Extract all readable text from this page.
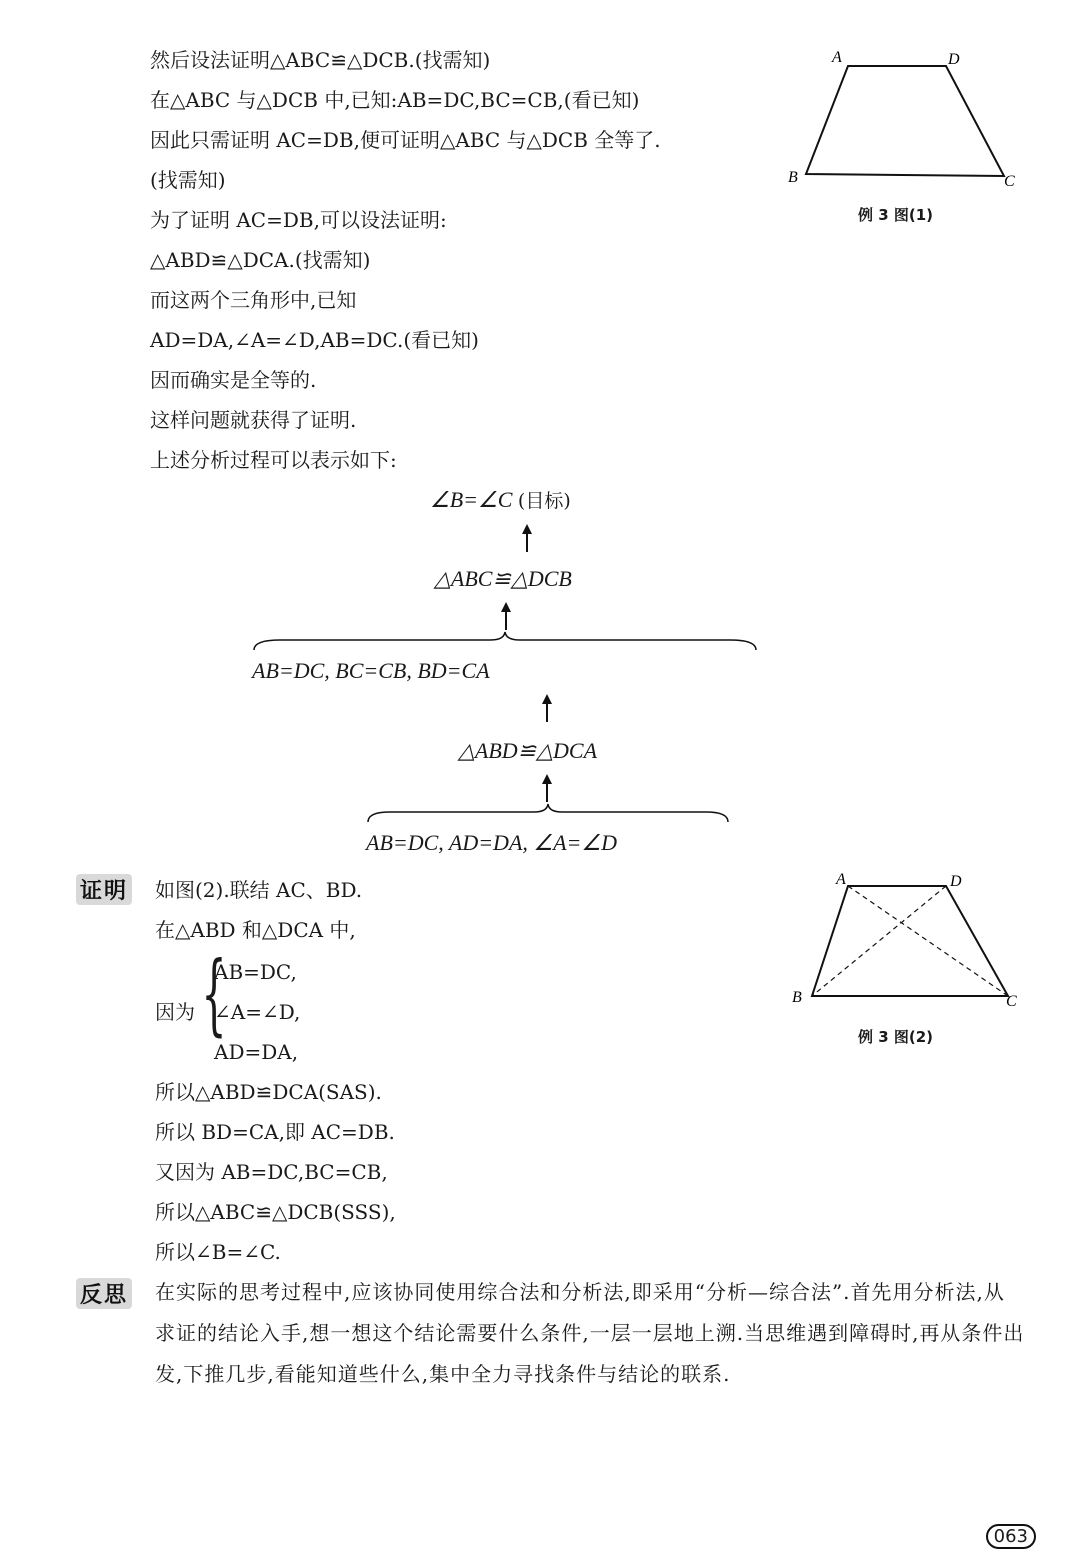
然后设法证明△ABC≌△DCB.(找需知)
在△ABC 与△DCB 中,已知:AB=DC,BC=CB,(看已知)
因此只需证明 AC=DB,便可证明△ABC 与△DCB 全等了.
(找需知)
为了证明 AC=DB,可以设法证明:
△ABD≌△DCA.(找需知)
而这两个三角形中,已知
AD=DA,∠A=∠D,AB=DC.(看已知)
因而确实是全等的.
这样问题就获得了证明.
上述分析过程可以表示如下:
A	D
B	C
例 3 图(1)
∠B=∠C (目标)
△ABC≌△DCB
AB=DC, BC=CB, BD=CA
△ABD≌△DCA
AB=DC, AD=DA, ∠A=∠D
证明 如图(2).联结 AC、BD.
在△ABD 和△DCA 中,
因为 {
AB=DC,
∠A=∠D,
AD=DA,
所以△ABD≌DCA(SAS).
所以 BD=CA,即 AC=DB.
又因为 AB=DC,BC=CB,
所以△ABC≌△DCB(SSS),
所以∠B=∠C.
A	D
B	C
例 3 图(2)
反思 在实际的思考过程中,应该协同使用综合法和分析法,即采用“分析—综合法”.首先用分析法,从求证的结论入手,想一想这个结论需要什么条件,一层一层地上溯.当思维遇到障碍时,再从条件出发,下推几步,看能知道些什么,集中全力寻找条件与结论的联系.
063
